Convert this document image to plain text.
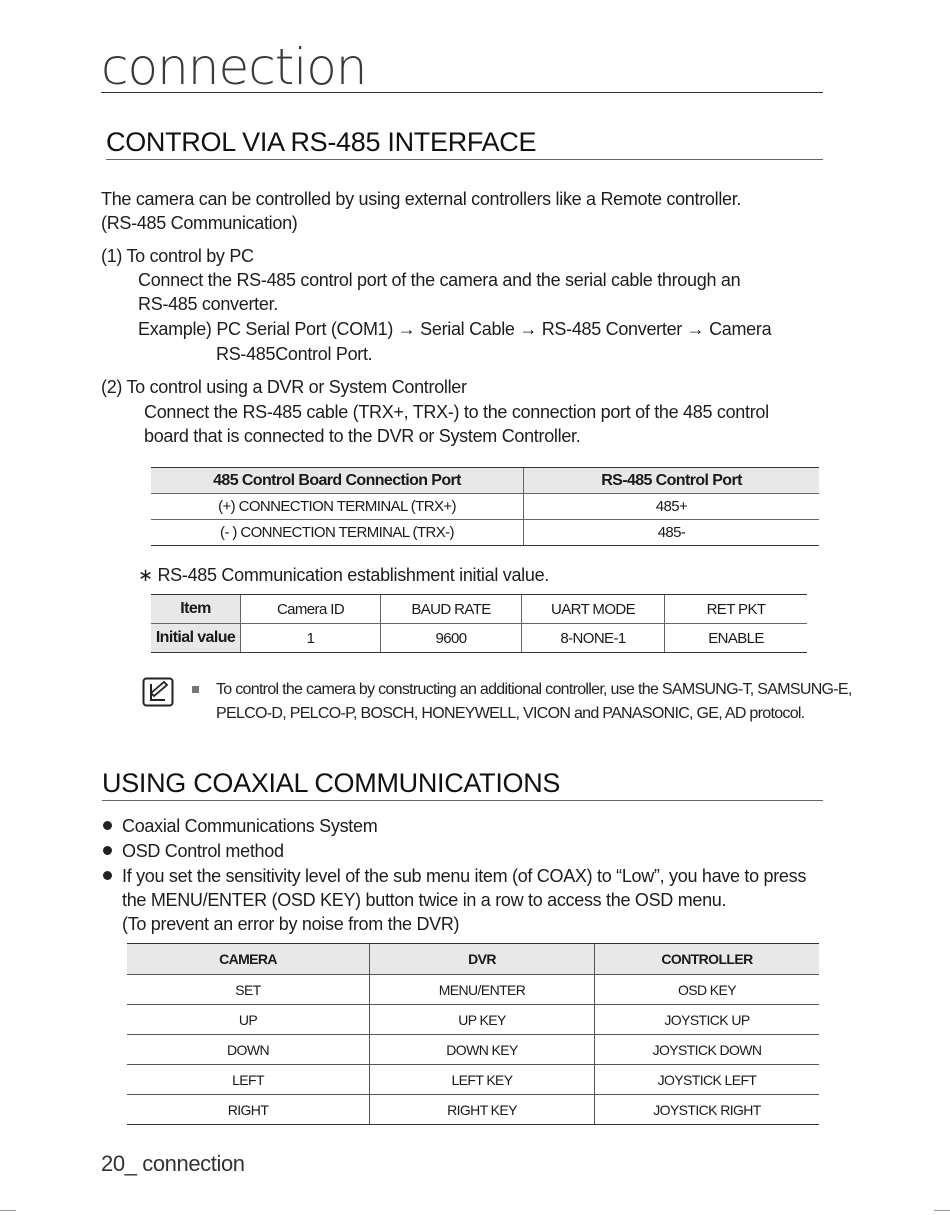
connection
CONTROL VIA RS-485 INTERFACE
The camera can be controlled by using external controllers like a Remote controller.
(RS-485 Communication)
(1) To control by PC
Connect the RS-485 control port of the camera and the serial cable through an
RS-485 converter.
Example) PC Serial Port (COM1) → Serial Cable → RS-485 Converter → Camera
RS-485Control Port.
(2) To control using a DVR or System Controller
Connect the RS-485 cable (TRX+, TRX-) to the connection port of the 485 control
board that is connected to the DVR or System Controller.
485 Control Board Connection Port	RS-485 Control Port
(+) CONNECTION TERMINAL (TRX+)	485+
(- ) CONNECTION TERMINAL (TRX-)	485-
∗ RS-485 Communication establishment initial value.
Item	Camera ID	BAUD RATE	UART MODE	RET PKT
Initial value	1	9600	8-NONE-1	ENABLE
To control the camera by constructing an additional controller, use the SAMSUNG-T, SAMSUNG-E,
PELCO-D, PELCO-P, BOSCH, HONEYWELL, VICON and PANASONIC, GE, AD protocol.
USING COAXIAL COMMUNICATIONS
Coaxial Communications System
OSD Control method
If you set the sensitivity level of the sub menu item (of COAX) to “Low”, you have to press
the MENU/ENTER (OSD KEY) button twice in a row to access the OSD menu.
(To prevent an error by noise from the DVR)
CAMERA	DVR	CONTROLLER
SET	MENU/ENTER	OSD KEY
UP	UP KEY	JOYSTICK UP
DOWN	DOWN KEY	JOYSTICK DOWN
LEFT	LEFT KEY	JOYSTICK LEFT
RIGHT	RIGHT KEY	JOYSTICK RIGHT
20_ connection
